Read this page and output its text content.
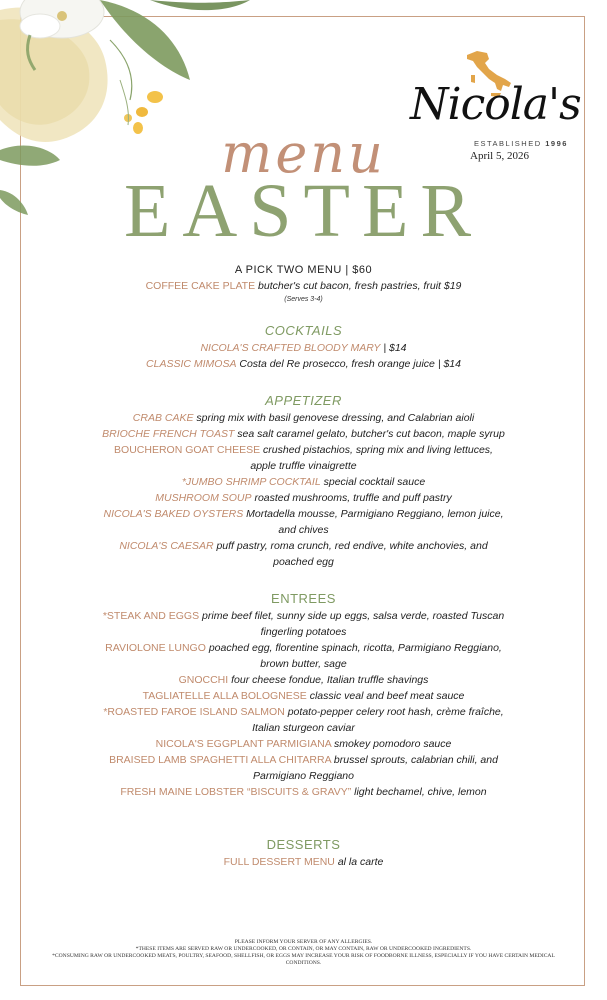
Nicola's
ESTABLISHED 1996
April 5, 2026
menu
EASTER
A PICK TWO MENU | $60

COFFEE CAKE PLATE butcher's cut bacon, fresh pastries, fruit $19

(Serves 3-4)

COCKTAILS

NICOLA'S CRAFTED BLOODY MARY | $14

CLASSIC MIMOSA Costa del Re prosecco, fresh orange juice | $14

APPETIZER

CRAB CAKE spring mix with basil genovese dressing, and Calabrian aioli

BRIOCHE FRENCH TOAST sea salt caramel gelato, butcher's cut bacon, maple syrup

BOUCHERON GOAT CHEESE crushed pistachios, spring mix and living lettuces, apple truffle vinaigrette

*JUMBO SHRIMP COCKTAIL special cocktail sauce

MUSHROOM SOUP roasted mushrooms, truffle and puff pastry

NICOLA'S BAKED OYSTERS Mortadella mousse, Parmigiano Reggiano, lemon juice, and chives

NICOLA'S CAESAR puff pastry, roma crunch, red endive, white anchovies, and poached egg

ENTREES

*STEAK AND EGGS prime beef filet, sunny side up eggs, salsa verde, roasted Tuscan fingerling potatoes

RAVIOLONE LUNGO poached egg, florentine spinach, ricotta, Parmigiano Reggiano, brown butter, sage

GNOCCHI four cheese fondue, Italian truffle shavings

TAGLIATELLE ALLA BOLOGNESE classic veal and beef meat sauce

*ROASTED FAROE ISLAND SALMON potato-pepper celery root hash, crème fraîche, Italian sturgeon caviar

NICOLA'S EGGPLANT PARMIGIANA smokey pomodoro sauce

BRAISED LAMB SPAGHETTI ALLA CHITARRA brussel sprouts, calabrian chili, and Parmigiano Reggiano

FRESH MAINE LOBSTER “BISCUITS & GRAVY” light bechamel, chive, lemon

DESSERTS

FULL DESSERT MENU al la carte

PLEASE INFORM YOUR SERVER OF ANY ALLERGIES.
*THESE ITEMS ARE SERVED RAW OR UNDERCOOKED, OR CONTAIN, OR MAY CONTAIN, RAW OR UNDERCOOKED INGREDIENTS.
*CONSUMING RAW OR UNDERCOOKED MEATS, POULTRY, SEAFOOD, SHELLFISH, OR EGGS MAY INCREASE YOUR RISK OF FOODBORNE ILLNESS, ESPECIALLY IF YOU HAVE CERTAIN MEDICAL CONDITIONS.
